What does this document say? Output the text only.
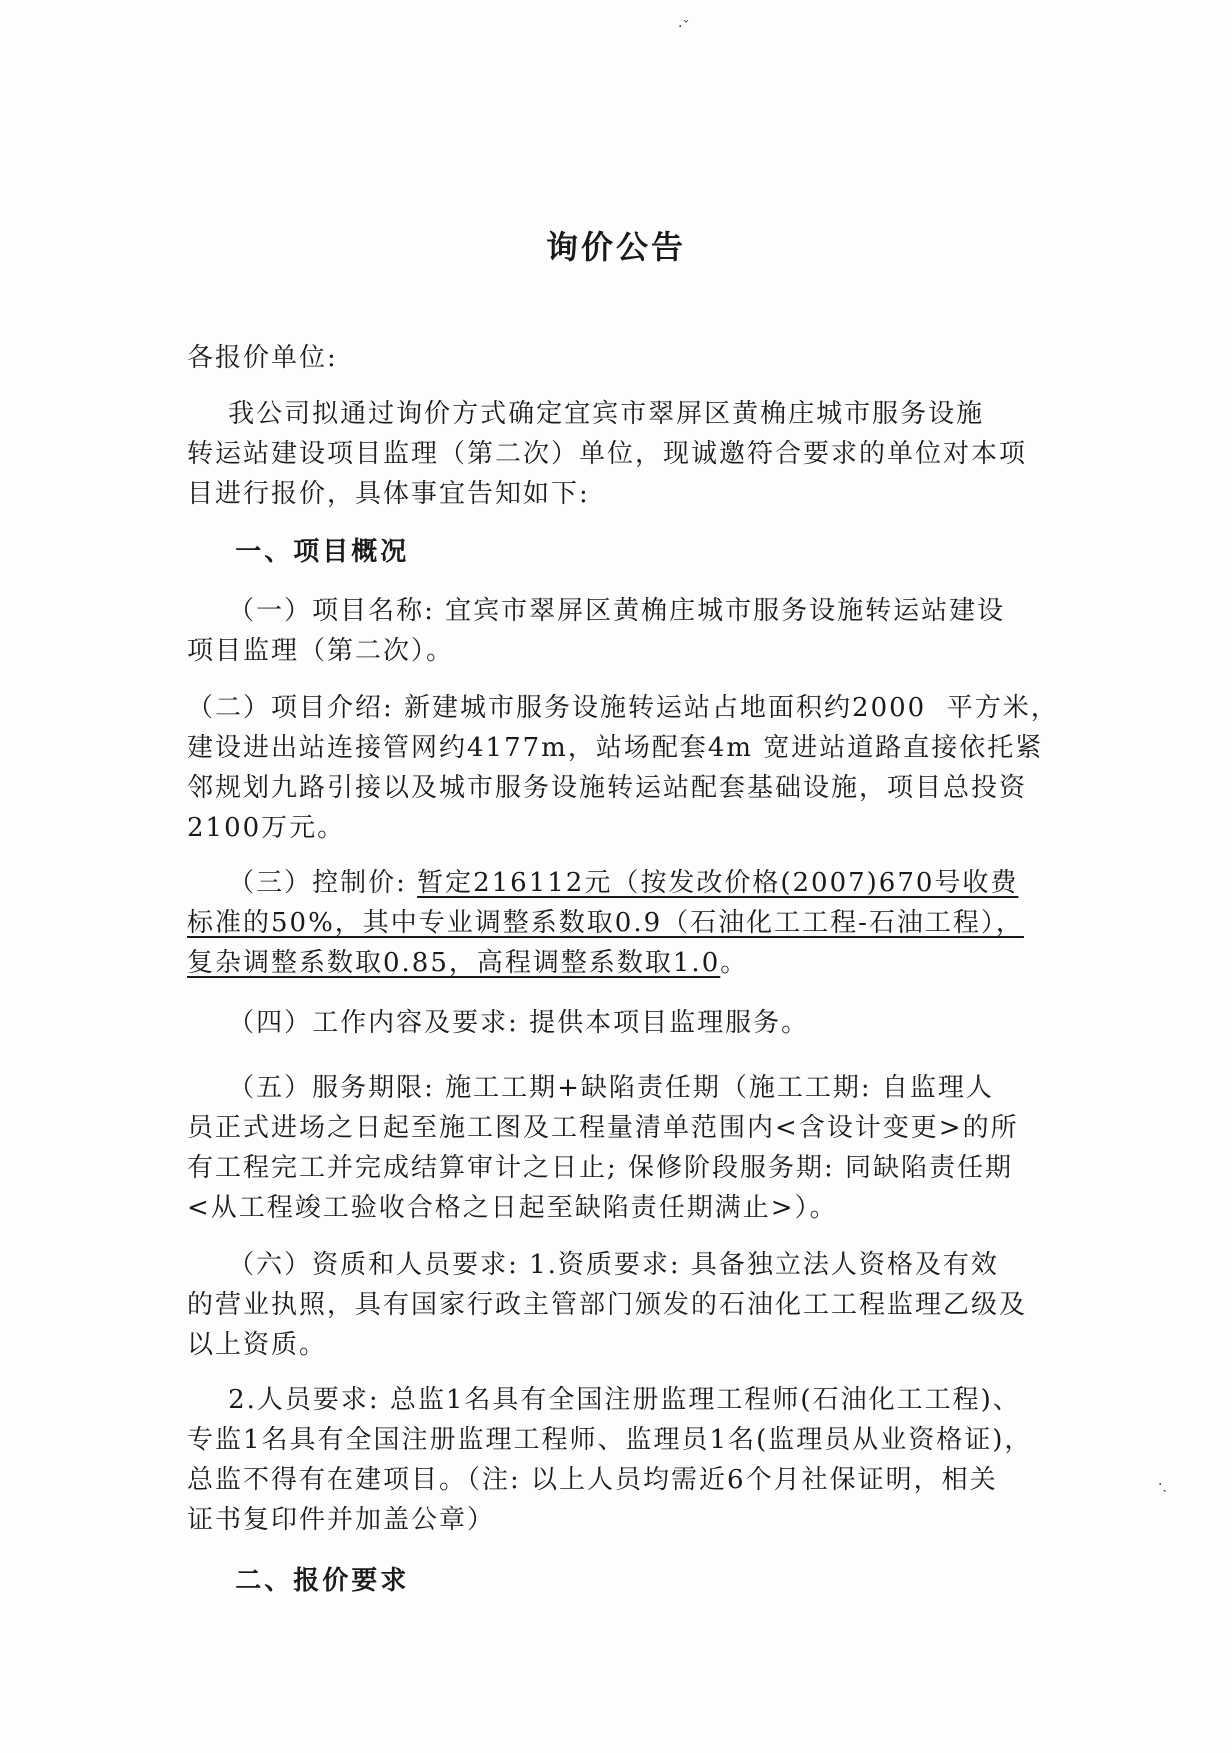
·ˇ
·ˎ
询价公告
各报价单位:
我公司拟通过询价方式确定宜宾市翠屏区黄桷庄城市服务设施
转运站建设项目监理（第二次）单位，现诚邀符合要求的单位对本项
目进行报价，具体事宜告知如下:
一、项目概况
（一）项目名称: 宜宾市翠屏区黄桷庄城市服务设施转运站建设
项目监理（第二次）。
（二）项目介绍: 新建城市服务设施转运站占地面积约2000  平方米，
建设进出站连接管网约4177m，站场配套4m 宽进站道路直接依托紧
邻规划九路引接以及城市服务设施转运站配套基础设施，项目总投资
2100万元。
（三）控制价: 暂定216112元（按发改价格(2007)670号收费
标准的50%，其中专业调整系数取0.9（石油化工工程-石油工程），
复杂调整系数取0.85，高程调整系数取1.0。
（四）工作内容及要求: 提供本项目监理服务。
（五）服务期限: 施工工期+缺陷责任期（施工工期: 自监理人
员正式进场之日起至施工图及工程量清单范围内<含设计变更>的所
有工程完工并完成结算审计之日止; 保修阶段服务期: 同缺陷责任期
<从工程竣工验收合格之日起至缺陷责任期满止>）。
（六）资质和人员要求: 1.资质要求: 具备独立法人资格及有效
的营业执照，具有国家行政主管部门颁发的石油化工工程监理乙级及
以上资质。
2.人员要求: 总监1名具有全国注册监理工程师(石油化工工程)、
专监1名具有全国注册监理工程师、监理员1名(监理员从业资格证)，
总监不得有在建项目。（注: 以上人员均需近6个月社保证明，相关
证书复印件并加盖公章）
二、报价要求
